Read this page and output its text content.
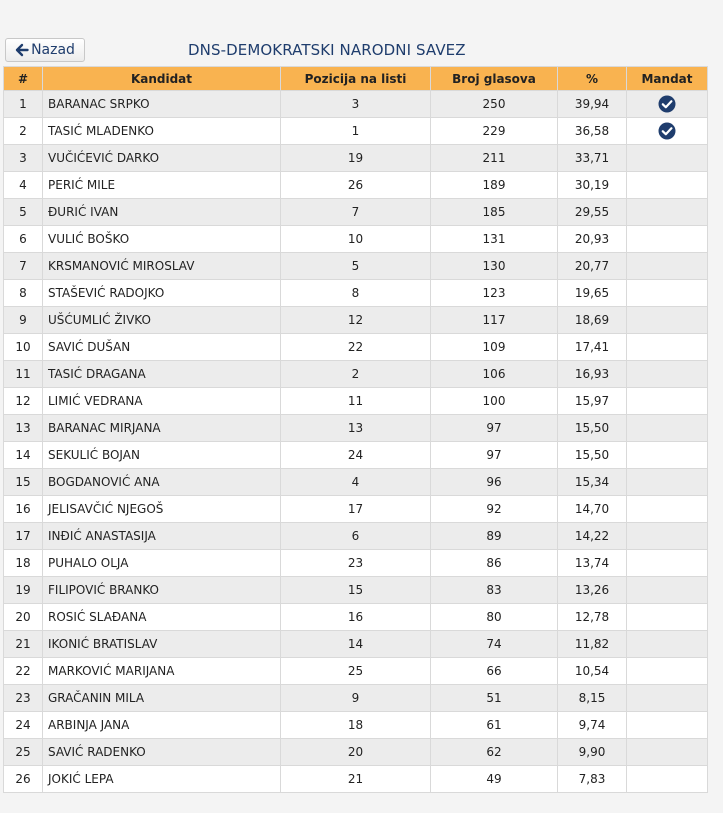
Nazad	DNS-DEMOKRATSKI NARODNI SAVEZ
#	Kandidat	Pozicija na listi	Broj glasova	%	Mandat
1	BARANAC SRPKO	3	250	39,94	

2	TASIĆ MLADENKO	1	229	36,58	

3	VUČIĆEVIĆ DARKO	19	211	33,71	
4	PERIĆ MILE	26	189	30,19	
5	ĐURIĆ IVAN	7	185	29,55	
6	VULIĆ BOŠKO	10	131	20,93	
7	KRSMANOVIĆ MIROSLAV	5	130	20,77	
8	STAŠEVIĆ RADOJKO	8	123	19,65	
9	UŠĆUMLIĆ ŽIVKO	12	117	18,69	
10	SAVIĆ DUŠAN	22	109	17,41	
11	TASIĆ DRAGANA	2	106	16,93	
12	LIMIĆ VEDRANA	11	100	15,97	
13	BARANAC MIRJANA	13	97	15,50	
14	SEKULIĆ BOJAN	24	97	15,50	
15	BOGDANOVIĆ ANA	4	96	15,34	
16	JELISAVČIĆ NJEGOŠ	17	92	14,70	
17	INĐIĆ ANASTASIJA	6	89	14,22	
18	PUHALO OLJA	23	86	13,74	
19	FILIPOVIĆ BRANKO	15	83	13,26	
20	ROSIĆ SLAĐANA	16	80	12,78	
21	IKONIĆ BRATISLAV	14	74	11,82	
22	MARKOVIĆ MARIJANA	25	66	10,54	
23	GRAČANIN MILA	9	51	8,15	
24	ARBINJA JANA	18	61	9,74	
25	SAVIĆ RADENKO	20	62	9,90	
26	JOKIĆ LEPA	21	49	7,83	
